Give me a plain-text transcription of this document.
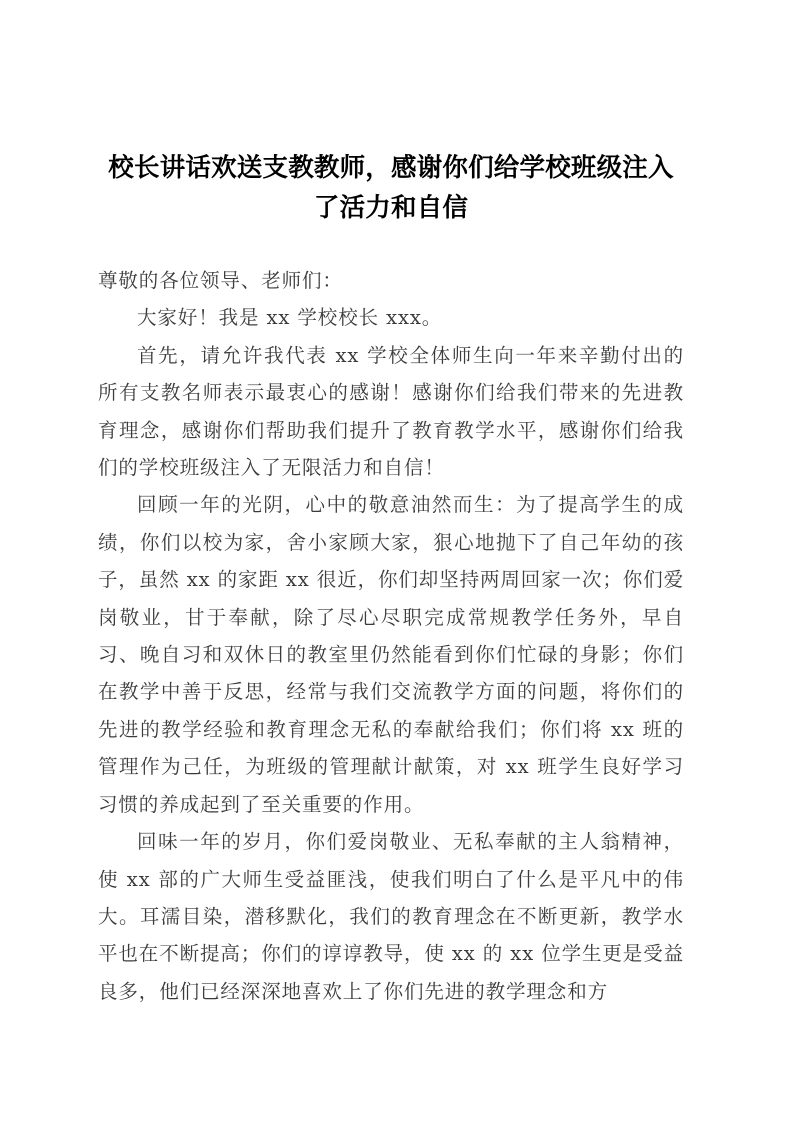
校长讲话欢送支教教师，感谢你们给学校班级注入 了活力和自信

尊敬的各位领导、老师们：

大家好！我是 xx 学校校长 xxx。

首先，请允许我代表 xx 学校全体师生向一年来辛勤付出的所有支教名师表示最衷心的感谢！感谢你们给我们带来的先进教育理念，感谢你们帮助我们提升了教育教学水平，感谢你们给我们的学校班级注入了无限活力和自信！

回顾一年的光阴，心中的敬意油然而生：为了提高学生的成绩，你们以校为家，舍小家顾大家，狠心地抛下了自己年幼的孩子，虽然 xx 的家距 xx 很近，你们却坚持两周回家一次；你们爱岗敬业，甘于奉献，除了尽心尽职完成常规教学任务外，早自习、晚自习和双休日的教室里仍然能看到你们忙碌的身影；你们在教学中善于反思，经常与我们交流教学方面的问题，将你们的先进的教学经验和教育理念无私的奉献给我们；你们将 xx 班的管理作为己任，为班级的管理献计献策，对 xx 班学生良好学习习惯的养成起到了至关重要的作用。

回味一年的岁月，你们爱岗敬业、无私奉献的主人翁精神，使 xx 部的广大师生受益匪浅，使我们明白了什么是平凡中的伟大。耳濡目染，潜移默化，我们的教育理念在不断更新，教学水平也在不断提高；你们的谆谆教导，使 xx 的 xx 位学生更是受益良多，他们已经深深地喜欢上了你们先进的教学理念和方
